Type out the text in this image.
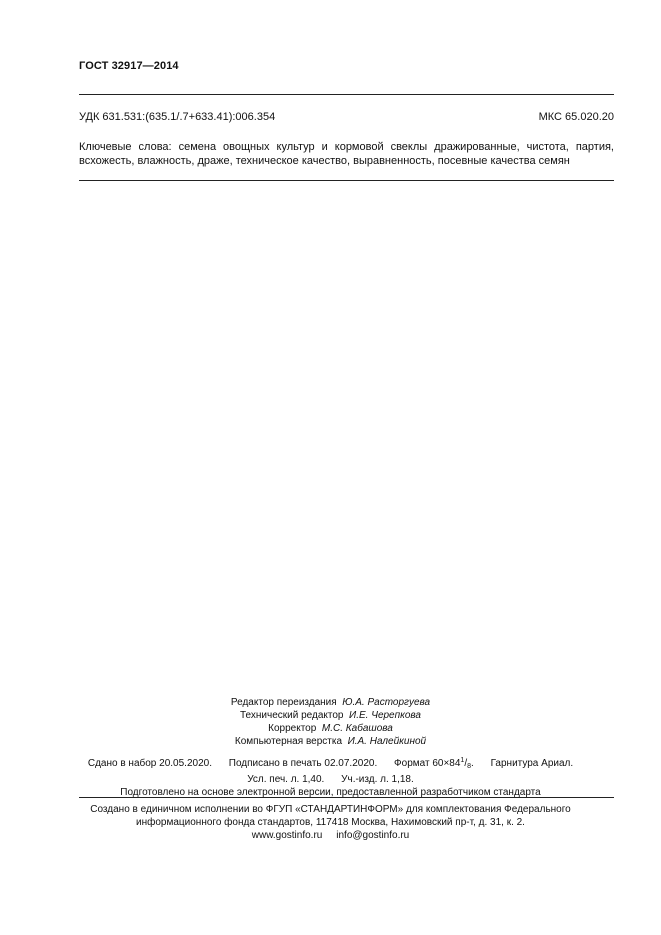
ГОСТ 32917—2014
УДК 631.531:(635.1/.7+633.41):006.354	МКС 65.020.20
Ключевые слова: семена овощных культур и кормовой свеклы дражированные, чистота, партия, всхожесть, влажность, драже, техническое качество, выравненность, посевные качества семян
Редактор переиздания Ю.А. Расторгуева
Технический редактор И.Е. Черепкова
Корректор М.С. Кабашова
Компьютерная верстка И.А. Налейкиной
Сдано в набор 20.05.2020. Подписано в печать 02.07.2020. Формат $60\times 84^1/_8$. Гарнитура Ариал.
Усл. печ. л. 1,40. Уч.-изд. л. 1,18.
Подготовлено на основе электронной версии, предоставленной разработчиком стандарта
Создано в единичном исполнении во ФГУП «СТАНДАРТИНФОРМ» для комплектования Федерального
информационного фонда стандартов, 117418 Москва, Нахимовский пр-т, д. 31, к. 2.
www.gostinfo.ru info@gostinfo.ru
